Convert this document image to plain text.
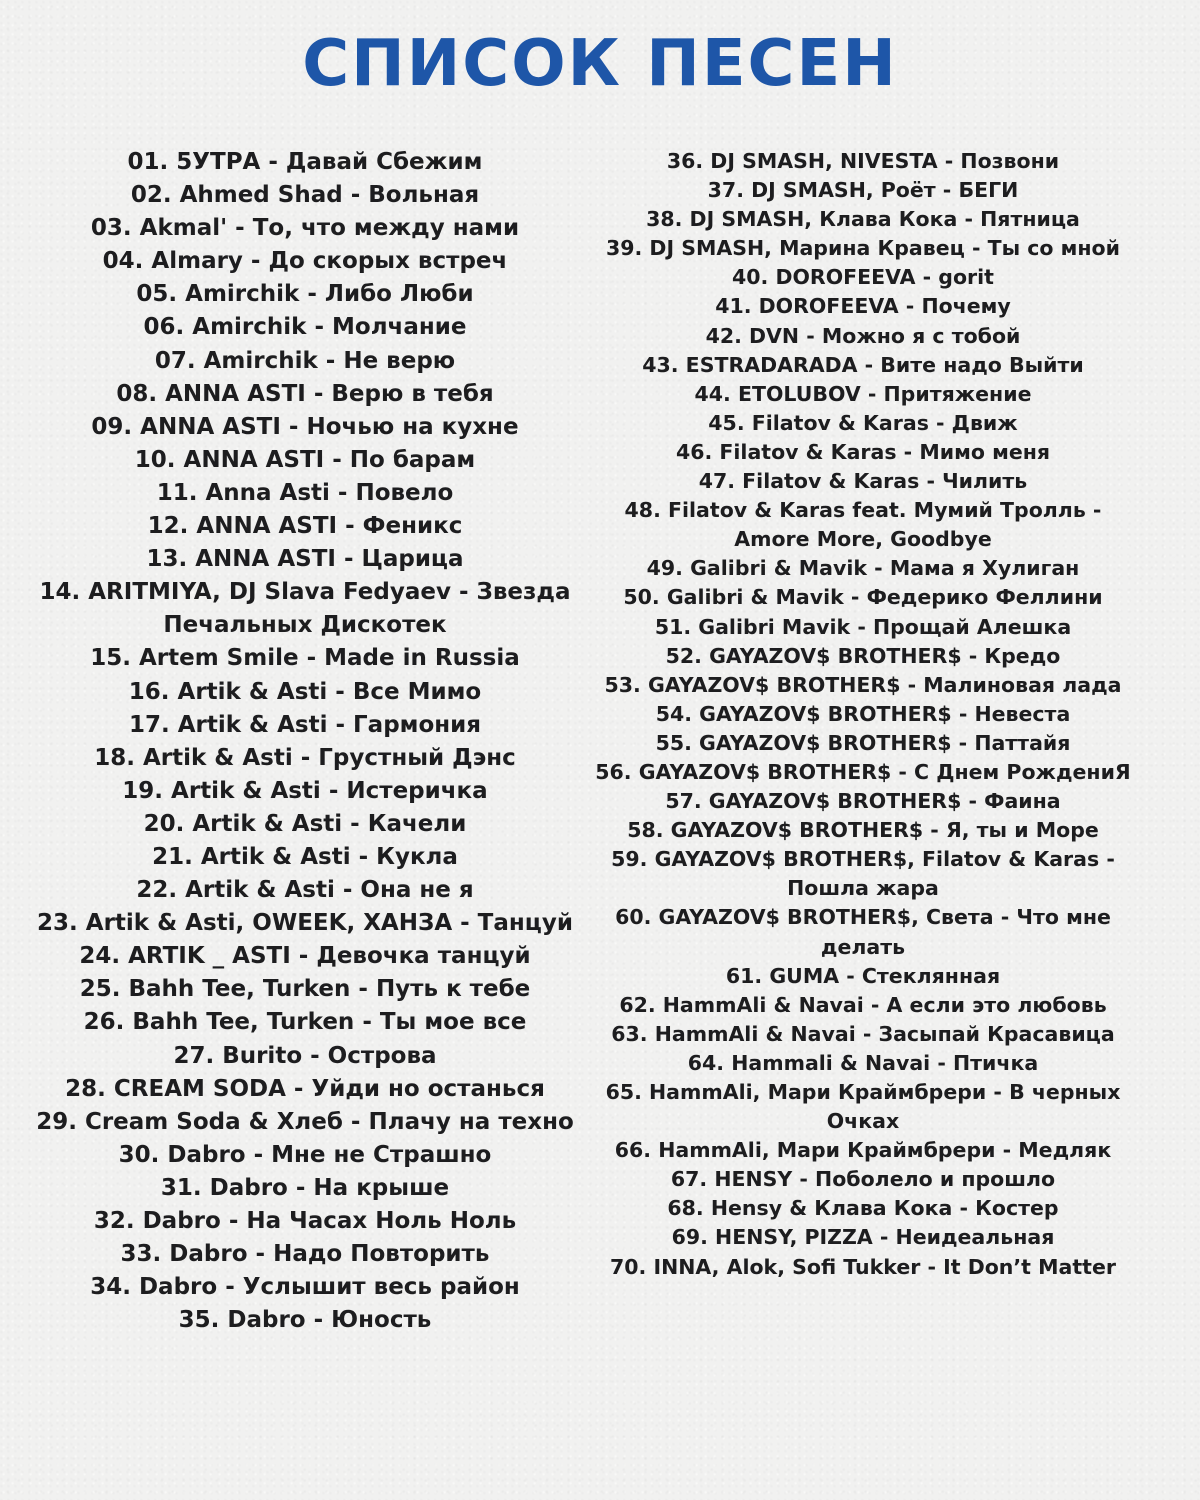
СПИСОК ПЕСЕН
01. 5УТРА - Давай Сбежим
02. Ahmed Shad - Вольная
03. Akmal' - То, что между нами
04. Almary - До скорых встреч
05. Amirchik - Либо Люби
06. Amirchik - Молчание
07. Amirchik - Не верю
08. ANNA ASTI - Верю в тебя
09. ANNA ASTI - Ночью на кухне
10. ANNA ASTI - По барам
11. Anna Asti - Повело
12. ANNA ASTI - Феникс
13. ANNA ASTI - Царица
14. ARITMIYA, DJ Slava Fedyaev - Звезда Печальных Дискотек
15. Artem Smile - Made in Russia
16. Artik & Asti - Все Мимо
17. Artik & Asti - Гармония
18. Artik & Asti - Грустный Дэнс
19. Artik & Asti - Истеричка
20. Artik & Asti - Качели
21. Artik & Asti - Кукла
22. Artik & Asti - Она не я
23. Artik & Asti, OWEEK, ХАНЗА - Танцуй
24. ARTIK _ ASTI - Девочка танцуй
25. Bahh Tee, Turken - Путь к тебе
26. Bahh Tee, Turken - Ты мое все
27. Burito - Острова
28. CREAM SODA - Уйди но останься
29. Cream Soda & Хлеб - Плачу на техно
30. Dabro - Мне не Страшно
31. Dabro - На крыше
32. Dabro - На Часах Ноль Ноль
33. Dabro - Надо Повторить
34. Dabro - Услышит весь район
35. Dabro - Юность
36. DJ SMASH, NIVESTA - Позвони
37. DJ SMASH, Роёт - БЕГИ
38. DJ SMASH, Клава Кока - Пятница
39. DJ SMASH, Марина Кравец - Ты со мной
40. DOROFEEVA - gorit
41. DOROFEEVA - Почему
42. DVN - Можно я с тобой
43. ESTRADARADA - Вите надо Выйти
44. ETOLUBOV - Притяжение
45. Filatov & Karas - Движ
46. Filatov & Karas - Мимо меня
47. Filatov & Karas - Чилить
48. Filatov & Karas feat. Мумий Тролль - Amore More, Goodbye
49. Galibri & Mavik - Мама я Хулиган
50. Galibri & Mavik - Федерико Феллини
51. Galibri Mavik - Прощай Алешка
52. GAYAZOV$ BROTHER$ - Кредо
53. GAYAZOV$ BROTHER$ - Малиновая лада
54. GAYAZOV$ BROTHER$ - Невеста
55. GAYAZOV$ BROTHER$ - Паттайя
56. GAYAZOV$ BROTHER$ - С Днем РождениЯ
57. GAYAZOV$ BROTHER$ - Фаина
58. GAYAZOV$ BROTHER$ - Я, ты и Море
59. GAYAZOV$ BROTHER$, Filatov & Karas - Пошла жара
60. GAYAZOV$ BROTHER$, Света - Что мне делать
61. GUMA - Стеклянная
62. HammAli & Navai - А если это любовь
63. HammAli & Navai - Засыпай Красавица
64. Hammali & Navai - Птичка
65. HammAli, Мари Краймбрери - В черных Очках
66. HammAli, Мари Краймбрери - Медляк
67. HENSY - Поболело и прошло
68. Hensy & Клава Кока - Костер
69. HENSY, PIZZA - Неидеальная
70. INNA, Alok, Sofi Tukker - It Don’t Matter
